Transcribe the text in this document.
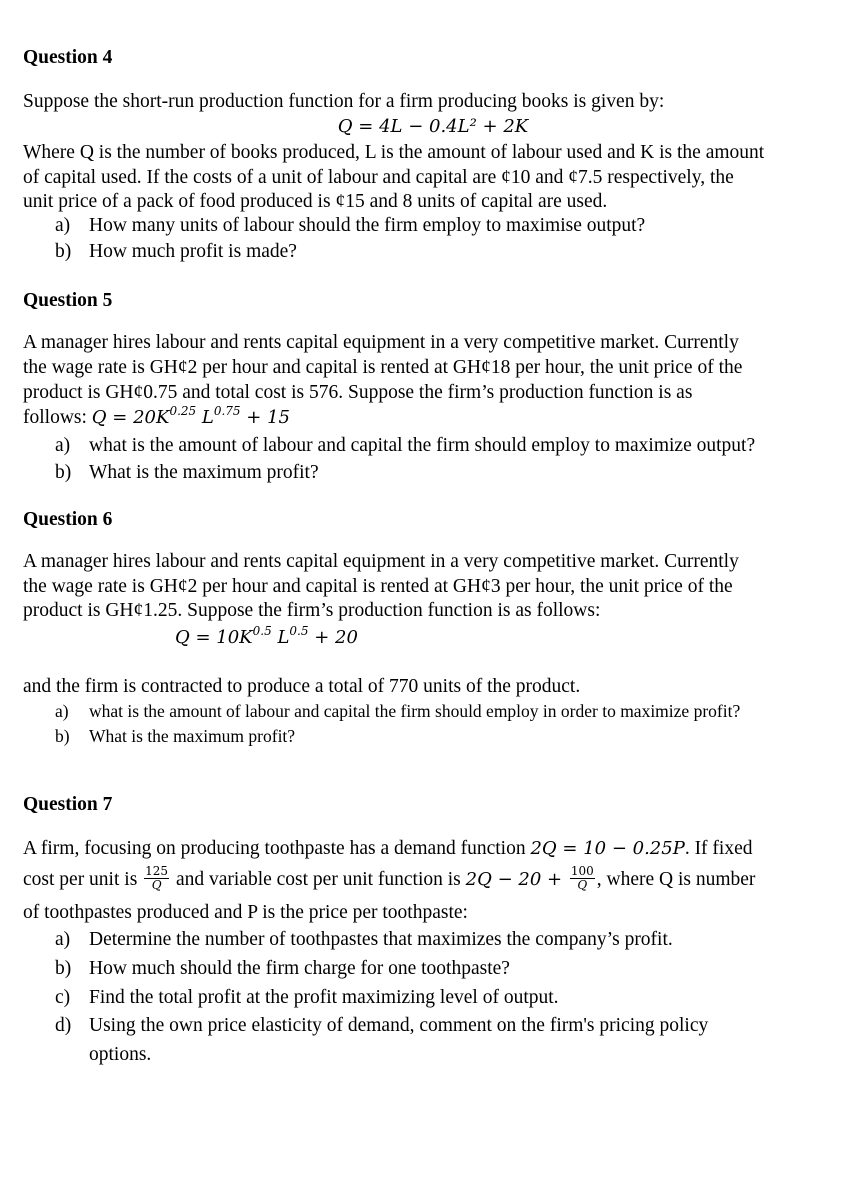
Question 4
Suppose the short-run production function for a firm producing books is given by:
Q = 4L − 0.4L² + 2K
Where Q is the number of books produced, L is the amount of labour used and K is the amount
of capital used. If the costs of a unit of labour and capital are ¢10 and ¢7.5 respectively, the
unit price of a pack of food produced is ¢15 and 8 units of capital are used.
a) How many units of labour should the firm employ to maximise output?
b) How much profit is made?
Question 5
A manager hires labour and rents capital equipment in a very competitive market. Currently
the wage rate is GH¢2 per hour and capital is rented at GH¢18 per hour, the unit price of the
product is GH¢0.75 and total cost is 576. Suppose the firm’s production function is as
follows: $Q = 20K^{0.25}$ $L^{0.75} + 15$
a) what is the amount of labour and capital the firm should employ to maximize output?
b) What is the maximum profit?
Question 6
A manager hires labour and rents capital equipment in a very competitive market. Currently
the wage rate is GH¢2 per hour and capital is rented at GH¢3 per hour, the unit price of the
product is GH¢1.25. Suppose the firm’s production function is as follows:
$Q = 10K^{0.5}$ $L^{0.5} + 20$
and the firm is contracted to produce a total of 770 units of the product.
a) what is the amount of labour and capital the firm should employ in order to maximize profit?
b) What is the maximum profit?
Question 7
A firm, focusing on producing toothpaste has a demand function 2Q = 10 − 0.25P. If fixed
cost per unit is $\frac{125}{Q}$ and variable cost per unit function is $2Q - 20 + \frac{100}{Q}$ , where Q is number
of toothpastes produced and P is the price per toothpaste:
a) Determine the number of toothpastes that maximizes the company’s profit.
b) How much should the firm charge for one toothpaste?
c) Find the total profit at the profit maximizing level of output.
d) Using the own price elasticity of demand, comment on the firm's pricing policy
options.
